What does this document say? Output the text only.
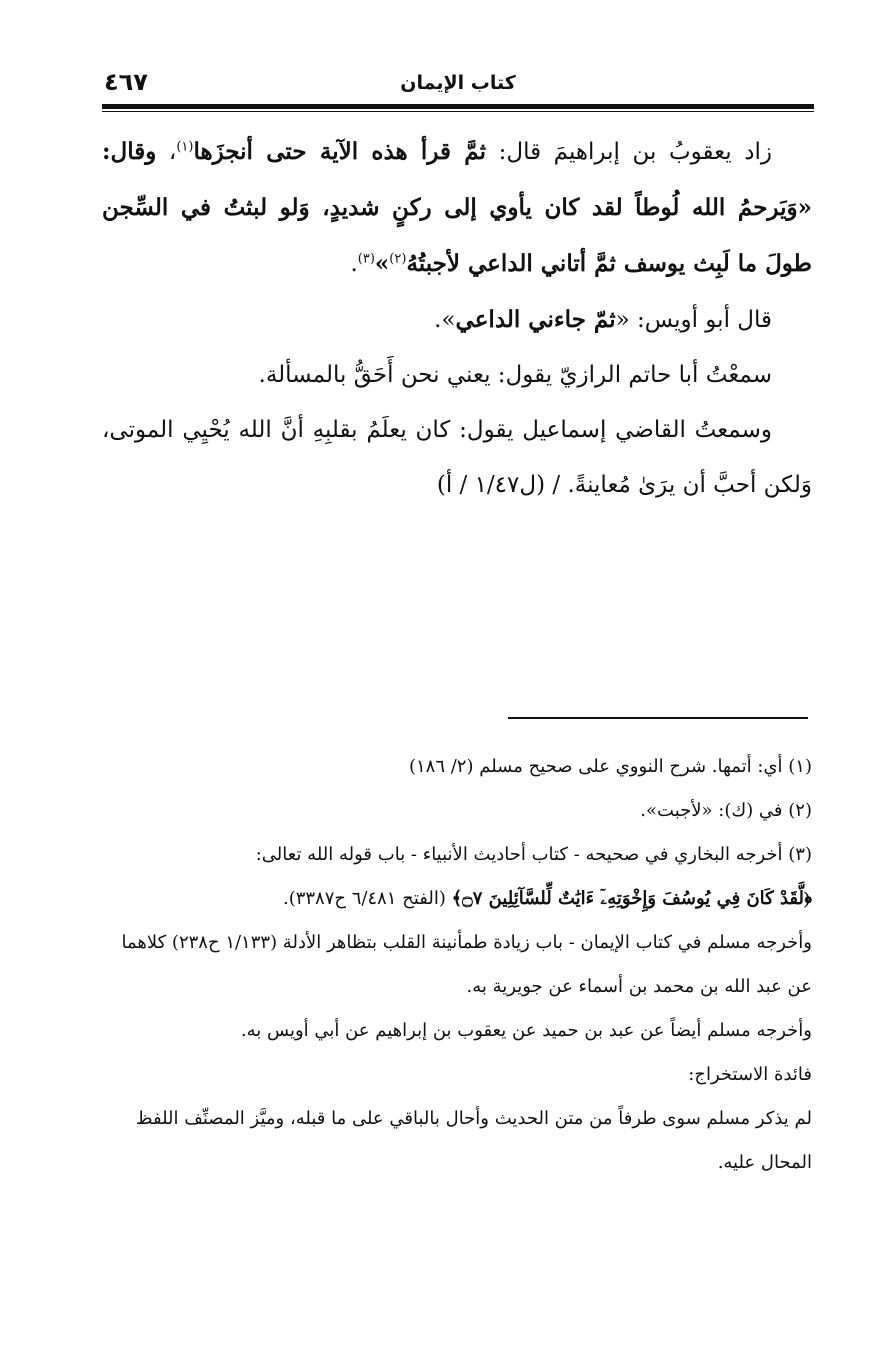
كتاب الإيمان
٤٦٧

زاد يعقوبُ بن إبراهيمَ قال: ثمَّ قرأ هذه الآية حتى أنجزَها$^{(١)}$، وقال: «وَيَرحمُ الله لُوطاً لقد كان يأوي إلى ركنٍ شديدٍ، وَلو لبثتُ في السِّجن طولَ ما لَبِث يوسف ثمَّ أتاني الداعي لأجبتُهُ$^{(٢)}$»$^{(٣)}$.

قال أبو أويس: «ثمّ جاءني الداعي».

سمعْتُ أبا حاتم الرازيّ يقول: يعني نحن أَحَقُّ بالمسألة.

وسمعتُ القاضي إسماعيل يقول: كان يعلَمُ بقلبِهِ أنَّ الله يُحْيِي الموتى، وَلكن أحبَّ أن يرَىٰ مُعاينةً. / (ل١/٤٧ / أ)

(١) أي: أتمها. شرح النووي على صحيح مسلم (٢/ ١٨٦)

(٢) في (ك): «لأجبت».

(٣) أخرجه البخاري في صحيحه - كتاب أحاديث الأنبياء - باب قوله الله تعالى:

﴿لَّقَدْ كَانَ فِي يُوسُفَ وَإِخْوَتِهِۦٓ ءَايَٰتٌ لِّلسَّآئِلِينَ ۝٧﴾ (الفتح ٦/٤٨١ ح٣٣٨٧).

وأخرجه مسلم في كتاب الإيمان - باب زيادة طمأنينة القلب بتظاهر الأدلة (١/١٣٣ ح٢٣٨) كلاهما عن عبد الله بن محمد بن أسماء عن جويرية به.

وأخرجه مسلم أيضاً عن عبد بن حميد عن يعقوب بن إبراهيم عن أبي أويس به.

فائدة الاستخراج:

لم يذكر مسلم سوى طرفاً من متن الحديث وأحال بالباقي على ما قبله، وميَّز المصنِّف اللفظ المحال عليه.
